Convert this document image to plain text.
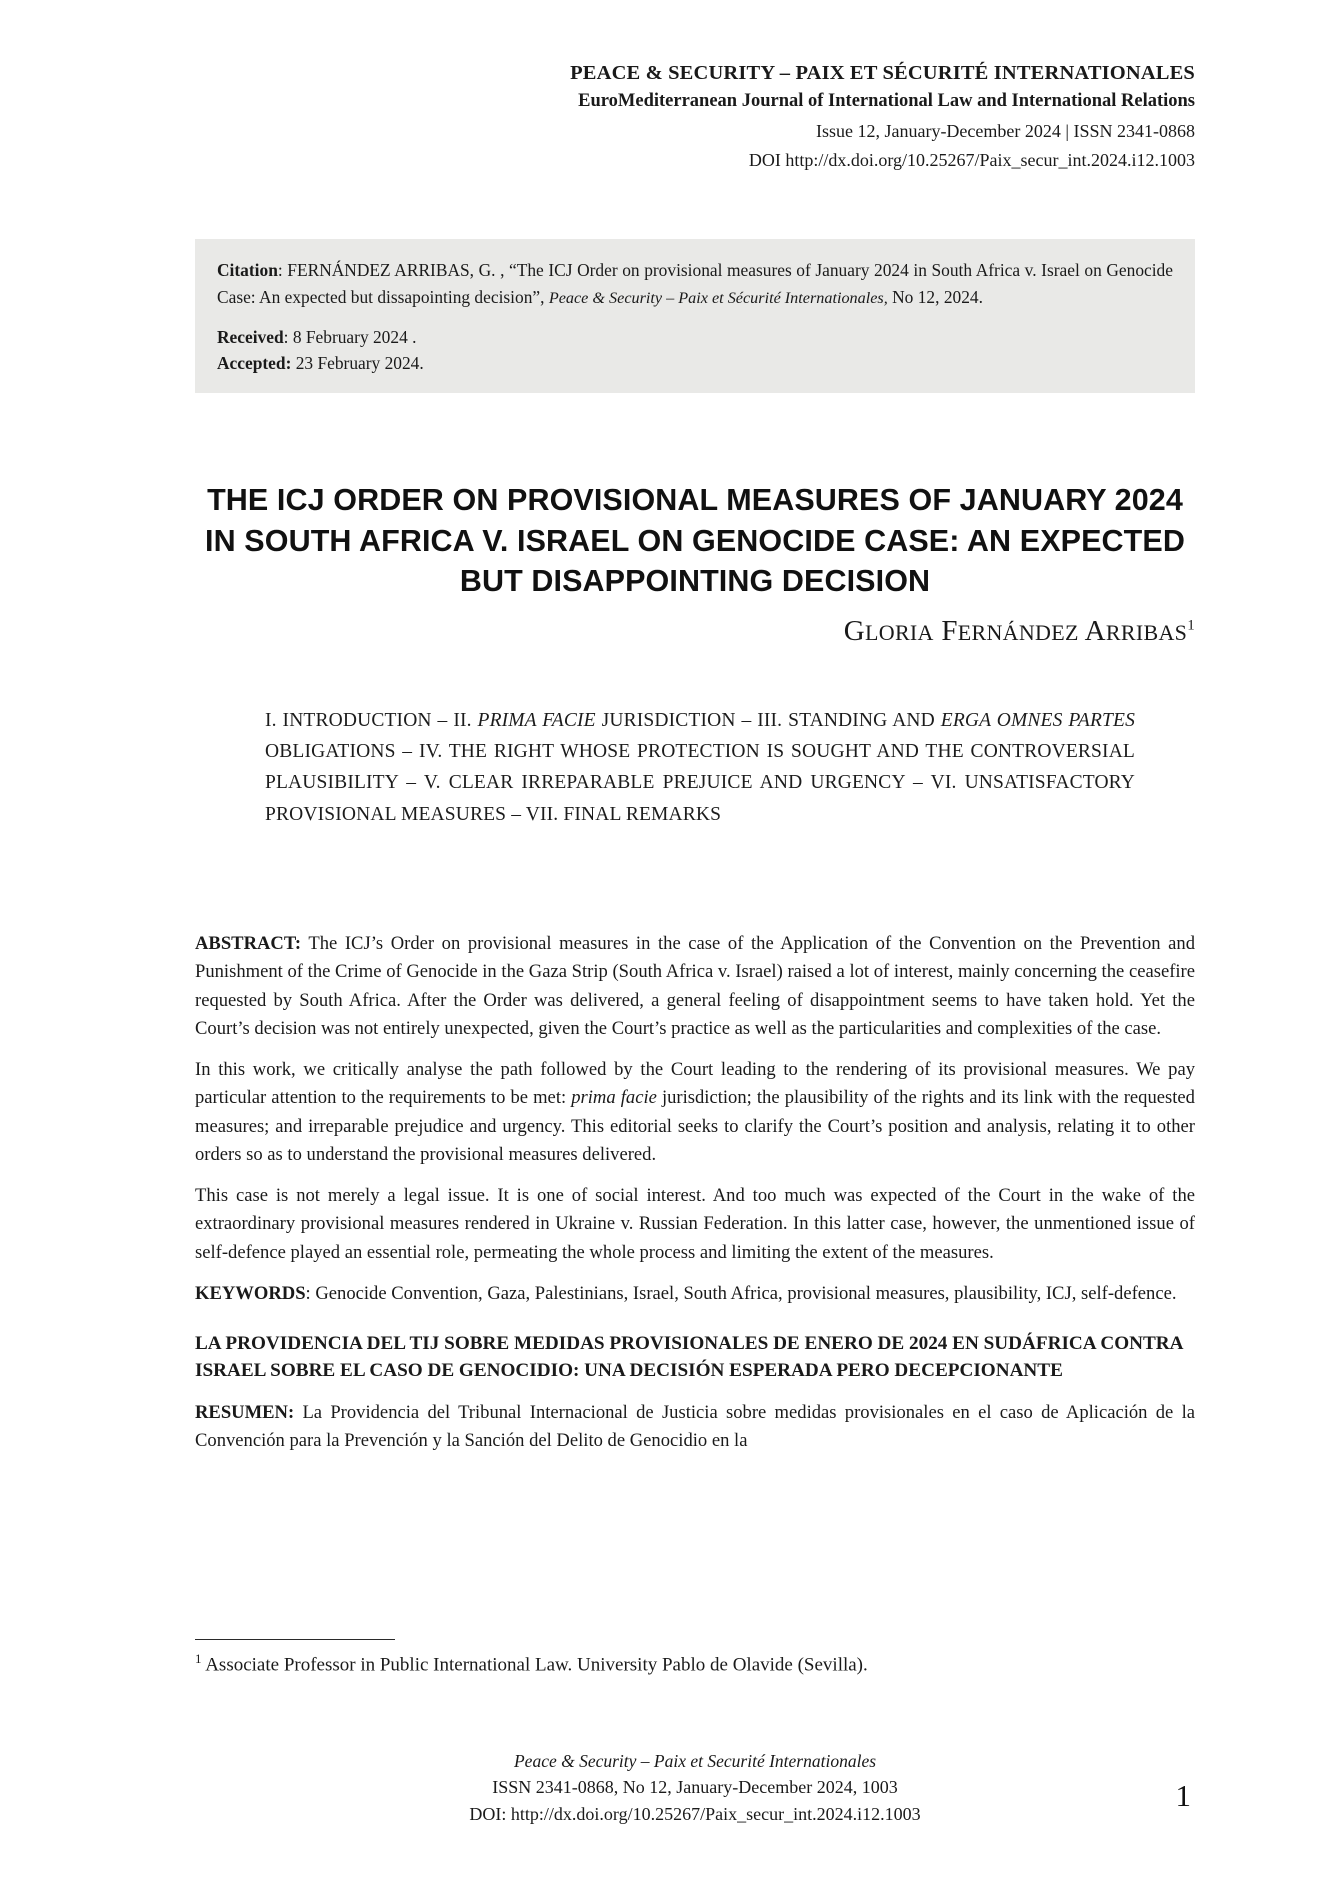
PEACE & SECURITY – PAIX ET SÉCURITÉ INTERNATIONALES
EuroMediterranean Journal of International Law and International Relations
Issue 12, January-December 2024 | ISSN 2341-0868
DOI http://dx.doi.org/10.25267/Paix_secur_int.2024.i12.1003

Citation: FERNÁNDEZ ARRIBAS, G. , “The ICJ Order on provisional measures of January 2024 in South Africa v. Israel on Genocide Case: An expected but dissapointing decision”, Peace & Security – Paix et Sécurité Internationales, No 12, 2024.

Received: 8 February 2024 .
Accepted: 23 February 2024.
THE ICJ ORDER ON PROVISIONAL MEASURES OF JANUARY 2024 IN SOUTH AFRICA V. ISRAEL ON GENOCIDE CASE: AN EXPECTED BUT DISAPPOINTING DECISION
GLORIA FERNÁNDEZ ARRIBAS$^1$
I. INTRODUCTION – II. PRIMA FACIE JURISDICTION – III. STANDING AND ERGA OMNES PARTES OBLIGATIONS – IV. THE RIGHT WHOSE PROTECTION IS SOUGHT AND THE CONTROVERSIAL PLAUSIBILITY – V. CLEAR IRREPARABLE PREJUICE AND URGENCY – VI. UNSATISFACTORY PROVISIONAL MEASURES – VII. FINAL REMARKS

ABSTRACT: The ICJ’s Order on provisional measures in the case of the Application of the Convention on the Prevention and Punishment of the Crime of Genocide in the Gaza Strip (South Africa v. Israel) raised a lot of interest, mainly concerning the ceasefire requested by South Africa. After the Order was delivered, a general feeling of disappointment seems to have taken hold. Yet the Court’s decision was not entirely unexpected, given the Court’s practice as well as the particularities and complexities of the case.

In this work, we critically analyse the path followed by the Court leading to the rendering of its provisional measures. We pay particular attention to the requirements to be met: prima facie jurisdiction; the plausibility of the rights and its link with the requested measures; and irreparable prejudice and urgency. This editorial seeks to clarify the Court’s position and analysis, relating it to other orders so as to understand the provisional measures delivered.

This case is not merely a legal issue. It is one of social interest. And too much was expected of the Court in the wake of the extraordinary provisional measures rendered in Ukraine v. Russian Federation. In this latter case, however, the unmentioned issue of self-defence played an essential role, permeating the whole process and limiting the extent of the measures.

KEYWORDS: Genocide Convention, Gaza, Palestinians, Israel, South Africa, provisional measures, plausibility, ICJ, self-defence.

LA PROVIDENCIA DEL TIJ SOBRE MEDIDAS PROVISIONALES DE ENERO DE 2024 EN SUDÁFRICA CONTRA ISRAEL SOBRE EL CASO DE GENOCIDIO: UNA DECISIÓN ESPERADA PERO DECEPCIONANTE

RESUMEN: La Providencia del Tribunal Internacional de Justicia sobre medidas provisionales en el caso de Aplicación de la Convención para la Prevención y la Sanción del Delito de Genocidio en la

$^1$ Associate Professor in Public International Law. University Pablo de Olavide (Sevilla).
Peace & Security – Paix et Securité Internationales
ISSN 2341-0868, No 12, January-December 2024, 1003
DOI: http://dx.doi.org/10.25267/Paix_secur_int.2024.i12.1003
1
